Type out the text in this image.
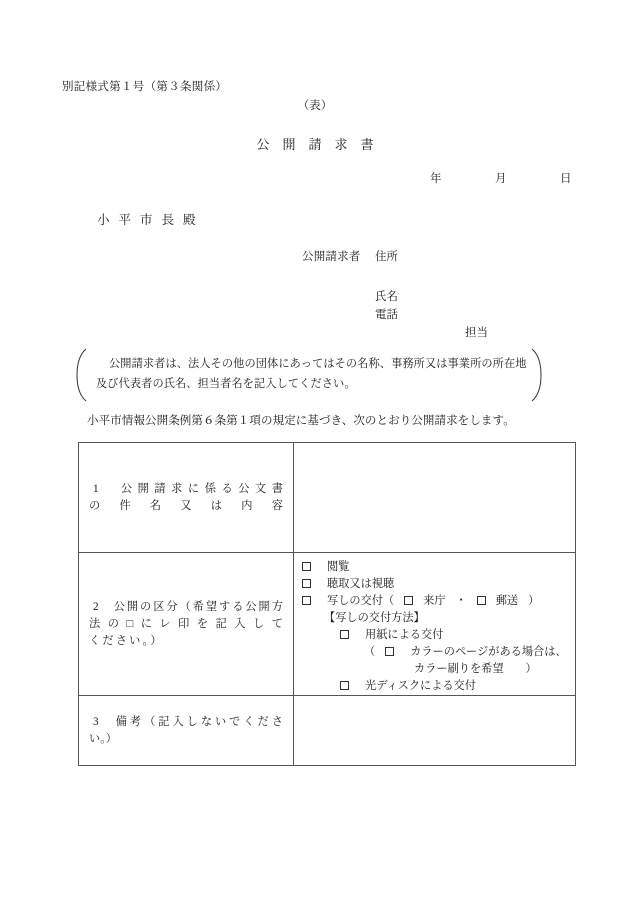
別記様式第１号（第３条関係）
（表）
公開請求書
年　月　日
小平市長殿
公開請求者 住所
氏名
電話
担当
公開請求者は、法人その他の団体にあってはその名称、事務所又は事業所の所在地及び代表者の氏名、担当者名を記入してください。
小平市情報公開条例第６条第１項の規定に基づき、次のとおり公開請求をします。
1　公開請求に係る公文書
の件名又は内容	

2　公開の区分（希望する公開方
法の□にレ印を記入して
ください。）

閲覧
聴取又は視聴
写しの交付（	来庁 ・	郵送 ）
【写しの交付方法】
用紙による交付
（	カラーのページがある場合は、
カラー刷りを希望 ）
光ディスクによる交付

3　備考（記入しないでくださ
い。）	
